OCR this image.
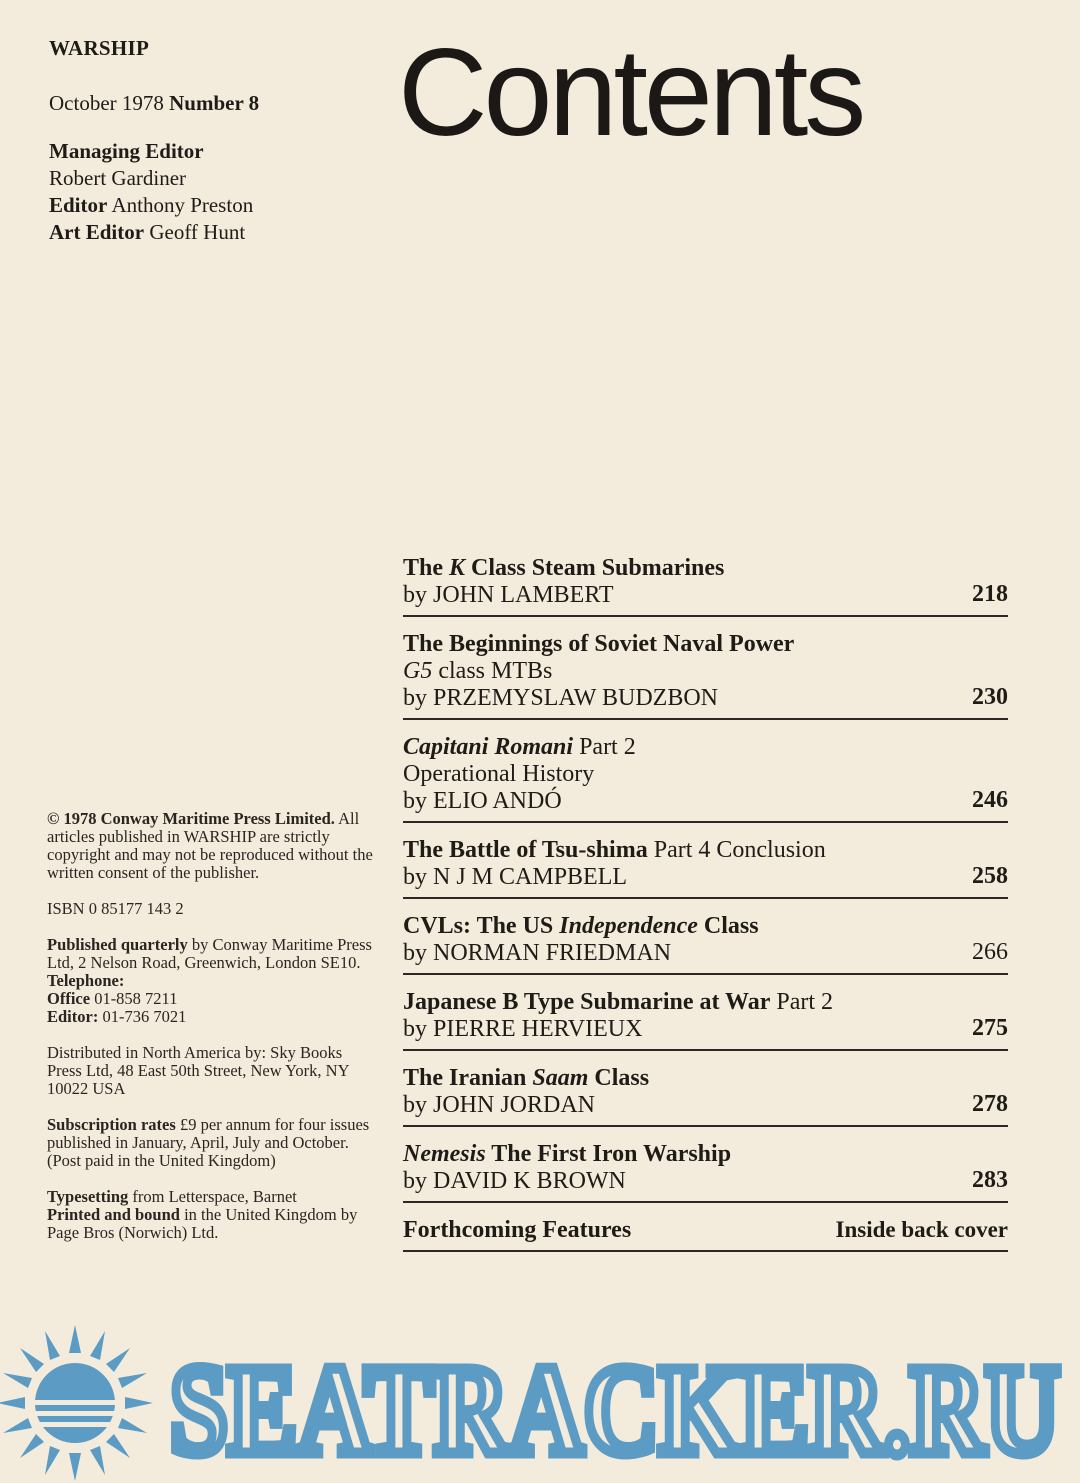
WARSHIP
October 1978 Number 8
Managing Editor
Robert Gardiner
Editor Anthony Preston
Art Editor Geoff Hunt
Contents
The K Class Steam Submarines
by JOHN LAMBERT	218
The Beginnings of Soviet Naval Power
G5 class MTBs
by PRZEMYSLAW BUDZBON	230
Capitani Romani Part 2
Operational History
by ELIO ANDÓ	246
The Battle of Tsu-shima Part 4 Conclusion
by N J M CAMPBELL	258
CVLs: The US Independence Class
by NORMAN FRIEDMAN	266
Japanese B Type Submarine at War Part 2
by PIERRE HERVIEUX	275
The Iranian Saam Class
by JOHN JORDAN	278
Nemesis The First Iron Warship
by DAVID K BROWN	283
Forthcoming Features	Inside back cover

© 1978 Conway Maritime Press Limited. All articles published in WARSHIP are strictly copyright and may not be reproduced without the written consent of the publisher.

ISBN 0 85177 143 2

Published quarterly by Conway Maritime Press Ltd, 2 Nelson Road, Greenwich, London SE10. Telephone:
Office 01-858 7211
Editor: 01-736 7021

Distributed in North America by: Sky Books Press Ltd, 48 East 50th Street, New York, NY 10022 USA

Subscription rates £9 per annum for four issues published in January, April, July and October. (Post paid in the United Kingdom)

Typesetting from Letterspace, Barnet
Printed and bound in the United Kingdom by Page Bros (Norwich) Ltd.

SEATRACKER.RU
